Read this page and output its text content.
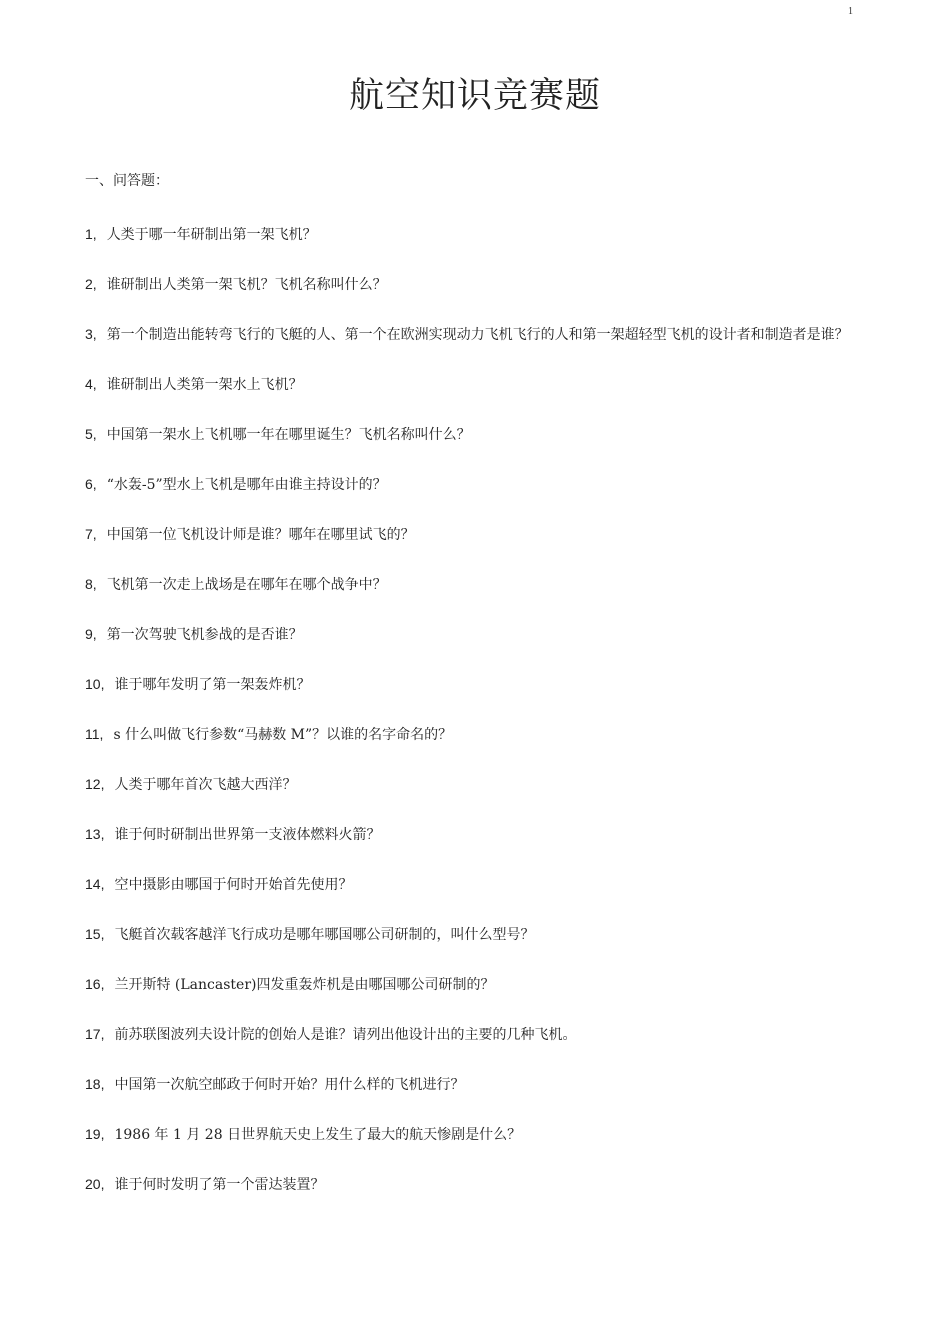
1
航空知识竞赛题

一、问答题：

1, 人类于哪一年研制出第一架飞机？
2, 谁研制出人类第一架飞机？飞机名称叫什么？
3, 第一个制造出能转弯飞行的飞艇的人、第一个在欧洲实现动力飞机飞行的人和第一架超轻型飞机的设计者和制造者是谁？
4, 谁研制出人类第一架水上飞机？
5, 中国第一架水上飞机哪一年在哪里诞生？飞机名称叫什么？
6, “水轰-5”型水上飞机是哪年由谁主持设计的？
7, 中国第一位飞机设计师是谁？哪年在哪里试飞的？
8, 飞机第一次走上战场是在哪年在哪个战争中？
9, 第一次驾驶飞机参战的是否谁？
10, 谁于哪年发明了第一架轰炸机？
11, s 什么叫做飞行参数“马赫数 M”？以谁的名字命名的？
12, 人类于哪年首次飞越大西洋？
13, 谁于何时研制出世界第一支液体燃料火箭？
14, 空中摄影由哪国于何时开始首先使用？
15, 飞艇首次载客越洋飞行成功是哪年哪国哪公司研制的，叫什么型号？
16, 兰开斯特 (Lancaster)四发重轰炸机是由哪国哪公司研制的？
17, 前苏联图波列夫设计院的创始人是谁？请列出他设计出的主要的几种飞机。
18, 中国第一次航空邮政于何时开始？用什么样的飞机进行？
19, 1986 年 1 月 28 日世界航天史上发生了最大的航天惨剧是什么？
20, 谁于何时发明了第一个雷达装置？
